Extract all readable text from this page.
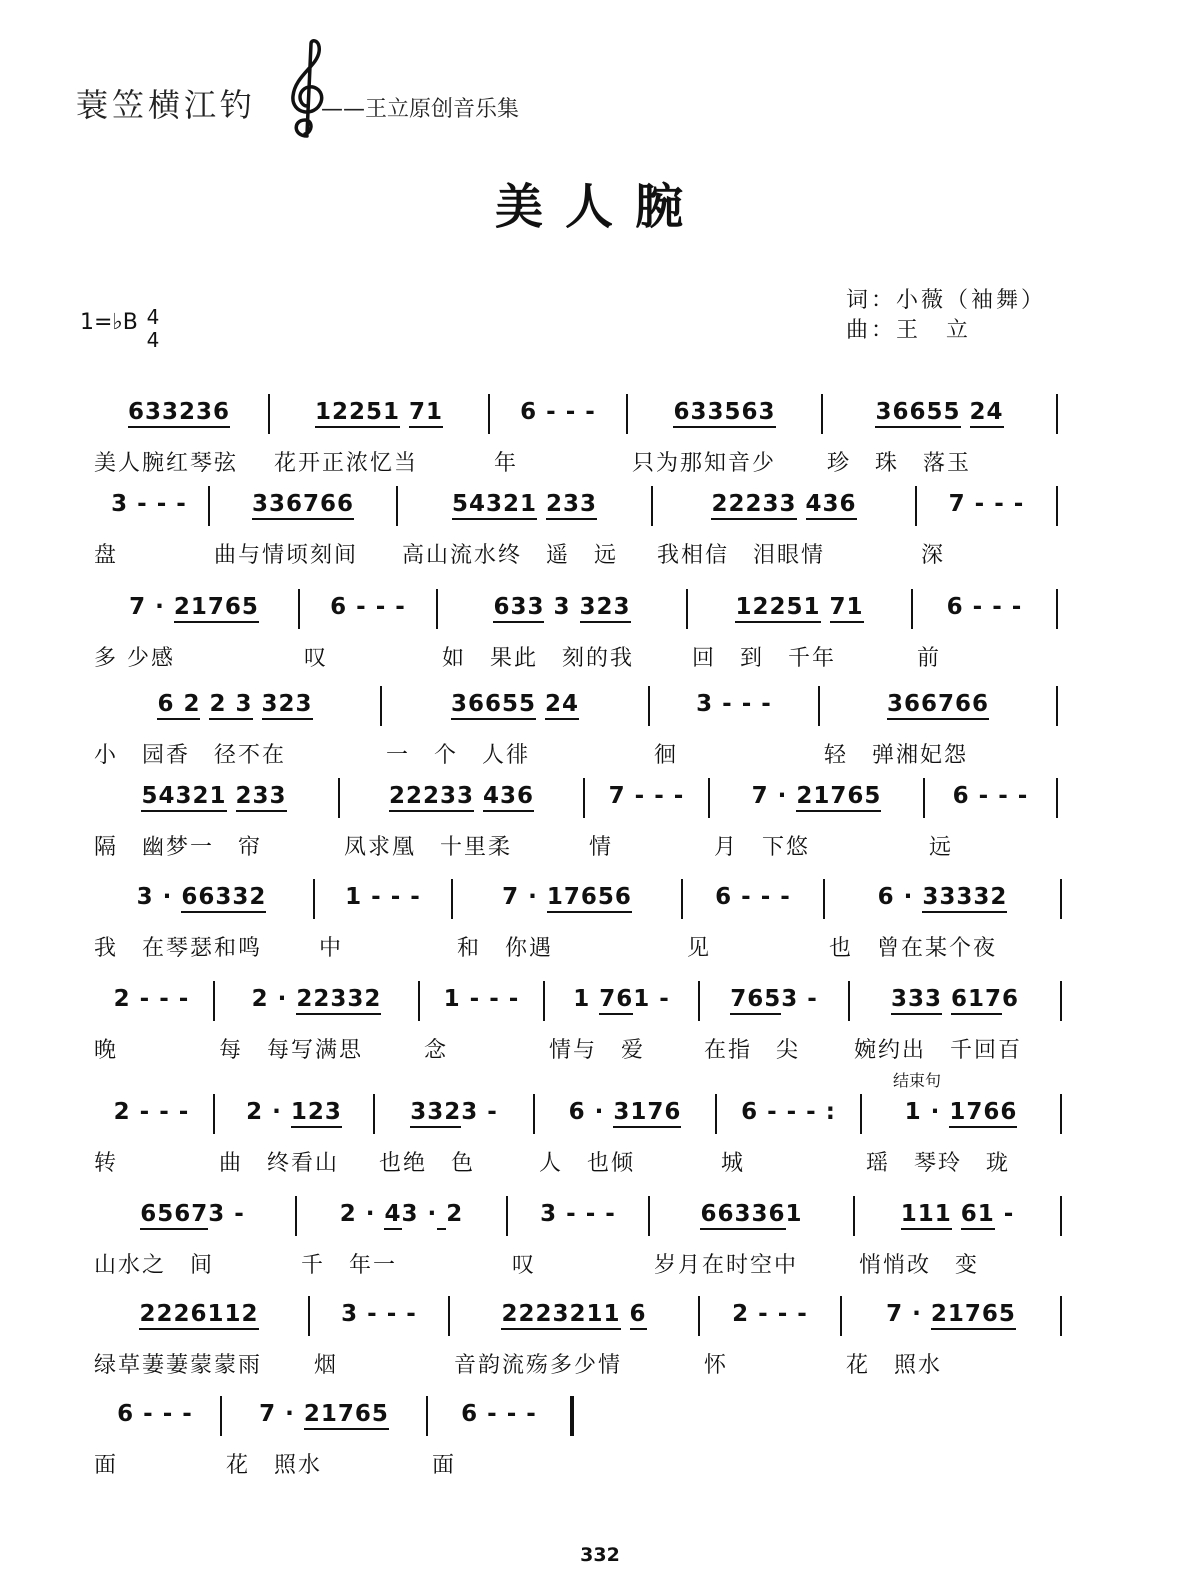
蓑笠横江钓	——王立原创音乐集
美人腕
1=♭B 4
4
词：小薇（袖舞）
曲：王　立
结束句
633236	12251 71	6 - - -	633563	36655 24
美人腕红琴弦 花开正浓忆当	年	只为那知音少 珍　珠　落玉
3 - - -	336766	54321 233	22233 436	7 - - -
盘	曲与情顷刻间 高山流水终　遥　远 我相信　泪眼情	深
7 · 21765	6 - - -	633 3 323	12251 71	6 - - -
多 少感	叹	如　果此　刻的我	回　到　千年	前
6 2 2 3 323	36655 24	3 - - -	366766
小　园香　径不在	一　个　人徘	徊	轻　弹湘妃怨
54321 233	22233 436	7 - - -	7 · 21765	6 - - -
隔　幽梦一　帘	凤求凰　十里柔	情	月　下悠	远
3 · 66332	1 - - -	7 · 17656	6 - - -	6 · 33332
我　在琴瑟和鸣	中	和　你遇	见	也　曾在某个夜
2 - - -	2 · 22332	1 - - -	1 761 -	7653 -	333 6176
晚	每　每写满思	念	情与　爱	在指　尖 婉约出　千回百
2 - - -	2 · 123	3323 -	6 · 3176	6 - - - :	1 · 1766
转	曲　终看山 也绝　色	人　也倾	城	瑶　琴玲　珑
65673 -	2 · 43 · 2	3 - - -	663361	111 61 -
山水之　间	千　年一	叹	岁月在时空中	悄悄改　变
2226112	3 - - -	2223211 6	2 - - -	7 · 21765
绿草萋萋蒙蒙雨 烟	音韵流殇多少情	怀	花　照水
6 - - -	7 · 21765	6 - - -
面	花　照水	面
332
